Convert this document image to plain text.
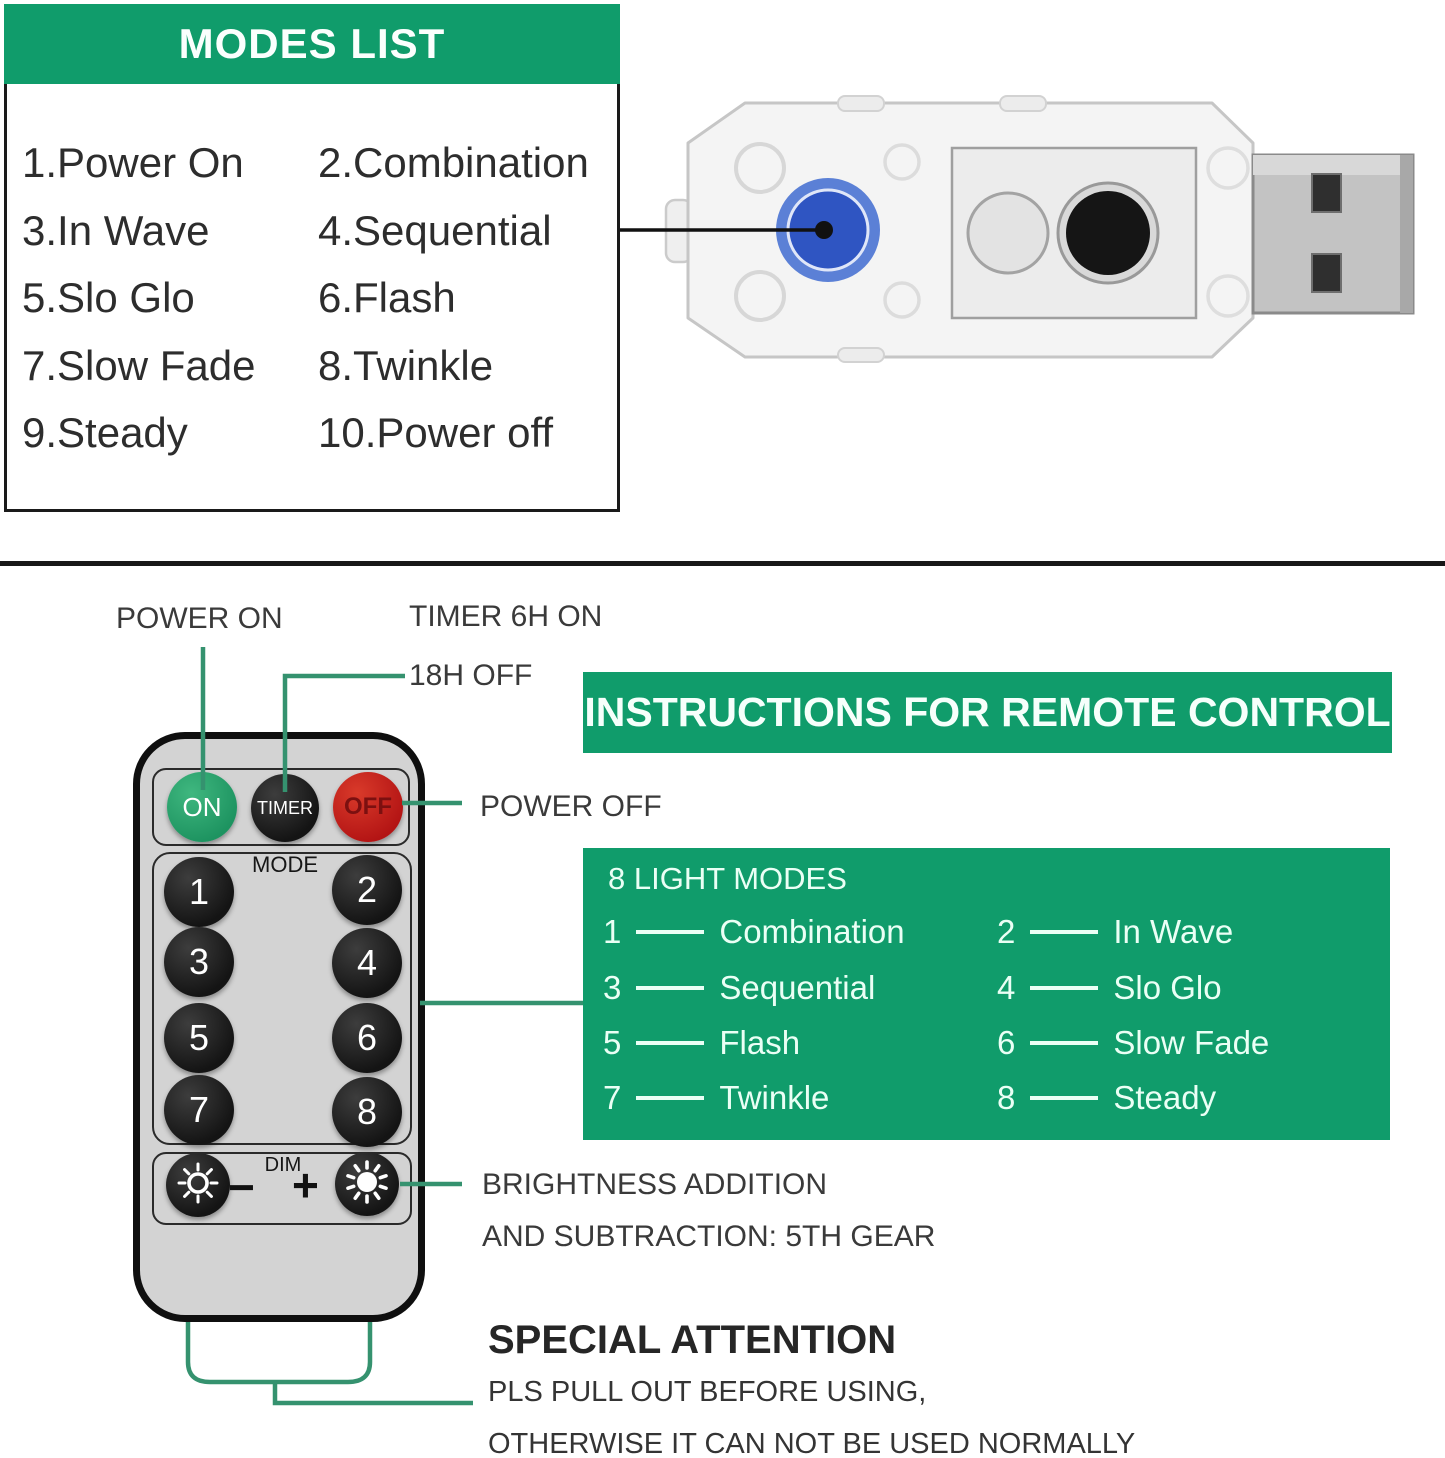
MODES LIST
1.Power On 2.Combination
3.In Wave	4.Sequential
5.Slo Glo	6.Flash
7.Slow Fade 8.Twinkle
9.Steady	10.Power off
ON TIMER OFF
MODE
1	2
3	4
5	6
7	8
DIM
− +
POWER ON	TIMER 6H ON
18H OFF
POWER OFF
BRIGHTNESS ADDITION
AND SUBTRACTION: 5TH GEAR
INSTRUCTIONS FOR REMOTE CONTROL
8 LIGHT MODES
1	Combination	2	In Wave
3	Sequential	4	Slo Glo
5	Flash	6	Slow Fade
7	Twinkle	8	Steady
SPECIAL ATTENTION
PLS PULL OUT BEFORE USING,
OTHERWISE IT CAN NOT BE USED NORMALLY
